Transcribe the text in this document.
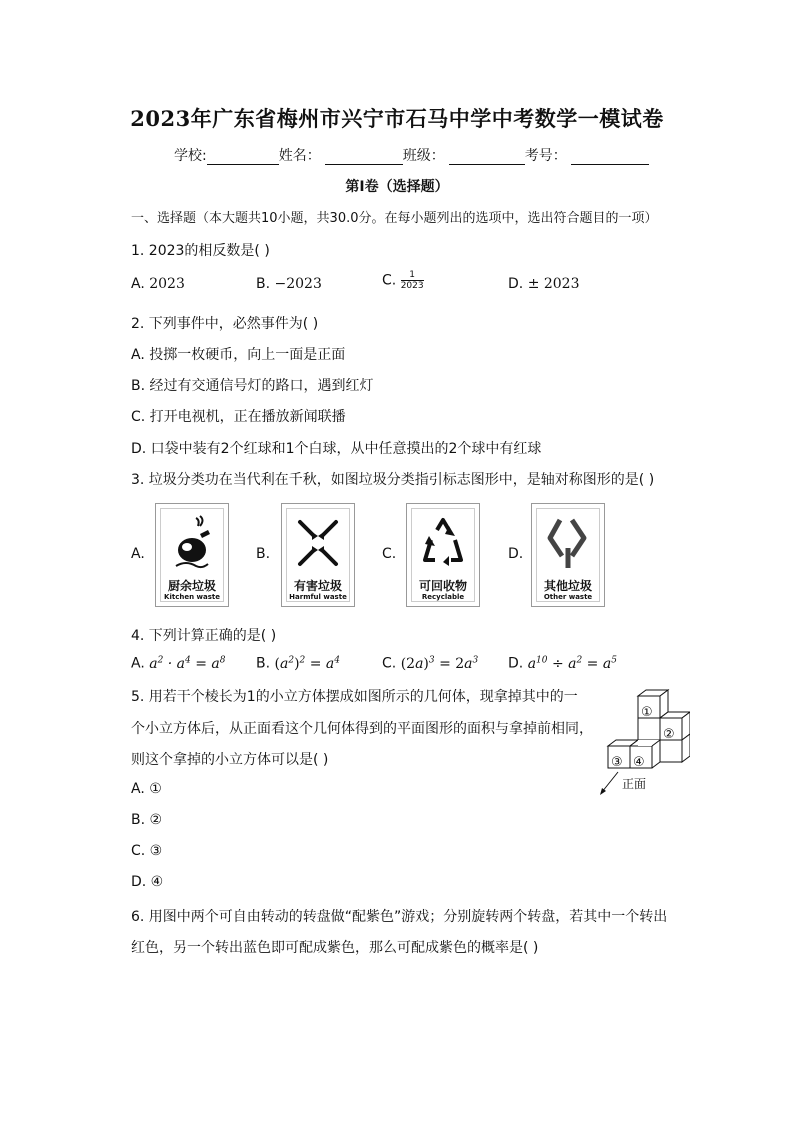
2023年广东省梅州市兴宁市石马中学中考数学一模试卷
学校:	姓名：	班级：	考号：
第Ⅰ卷（选择题）
一、选择题（本大题共10小题，共30.0分。在每小题列出的选项中，选出符合题目的一项）
1. 2023的相反数是( )
A. 2023	B. −2023	C. $\frac{1}{2023}$	D. ± 2023
2. 下列事件中，必然事件为( )
A. 投掷一枚硬币，向上一面是正面
B. 经过有交通信号灯的路口，遇到红灯
C. 打开电视机，正在播放新闻联播
D. 口袋中装有2个红球和1个白球，从中任意摸出的2个球中有红球
3. 垃圾分类功在当代利在千秋，如图垃圾分类指引标志图形中，是轴对称图形的是( )
A.
厨余垃圾
Kitchen waste
B.
有害垃圾
Harmful waste
C.
可回收物
Recyclable
D.
其他垃圾
Other waste
4. 下列计算正确的是( )
A. $a^2 \cdot a^4 = a^8$ B. $(a^2)^2 = a^4$	C. $(2a)^3 = 2a^3$ D. $a^{10} \div a^2 = a^5$
5. 用若干个棱长为1的小立方体摆成如图所示的几何体，现拿掉其中的一
个小立方体后，从正面看这个几何体得到的平面图形的面积与拿掉前相同，
则这个拿掉的小立方体可以是( )
A. ①
B. ②
C. ③
D. ④
①
②
③ ④
正面
6. 用图中两个可自由转动的转盘做“配紫色”游戏；分别旋转两个转盘，若其中一个转出
红色，另一个转出蓝色即可配成紫色，那么可配成紫色的概率是( )
